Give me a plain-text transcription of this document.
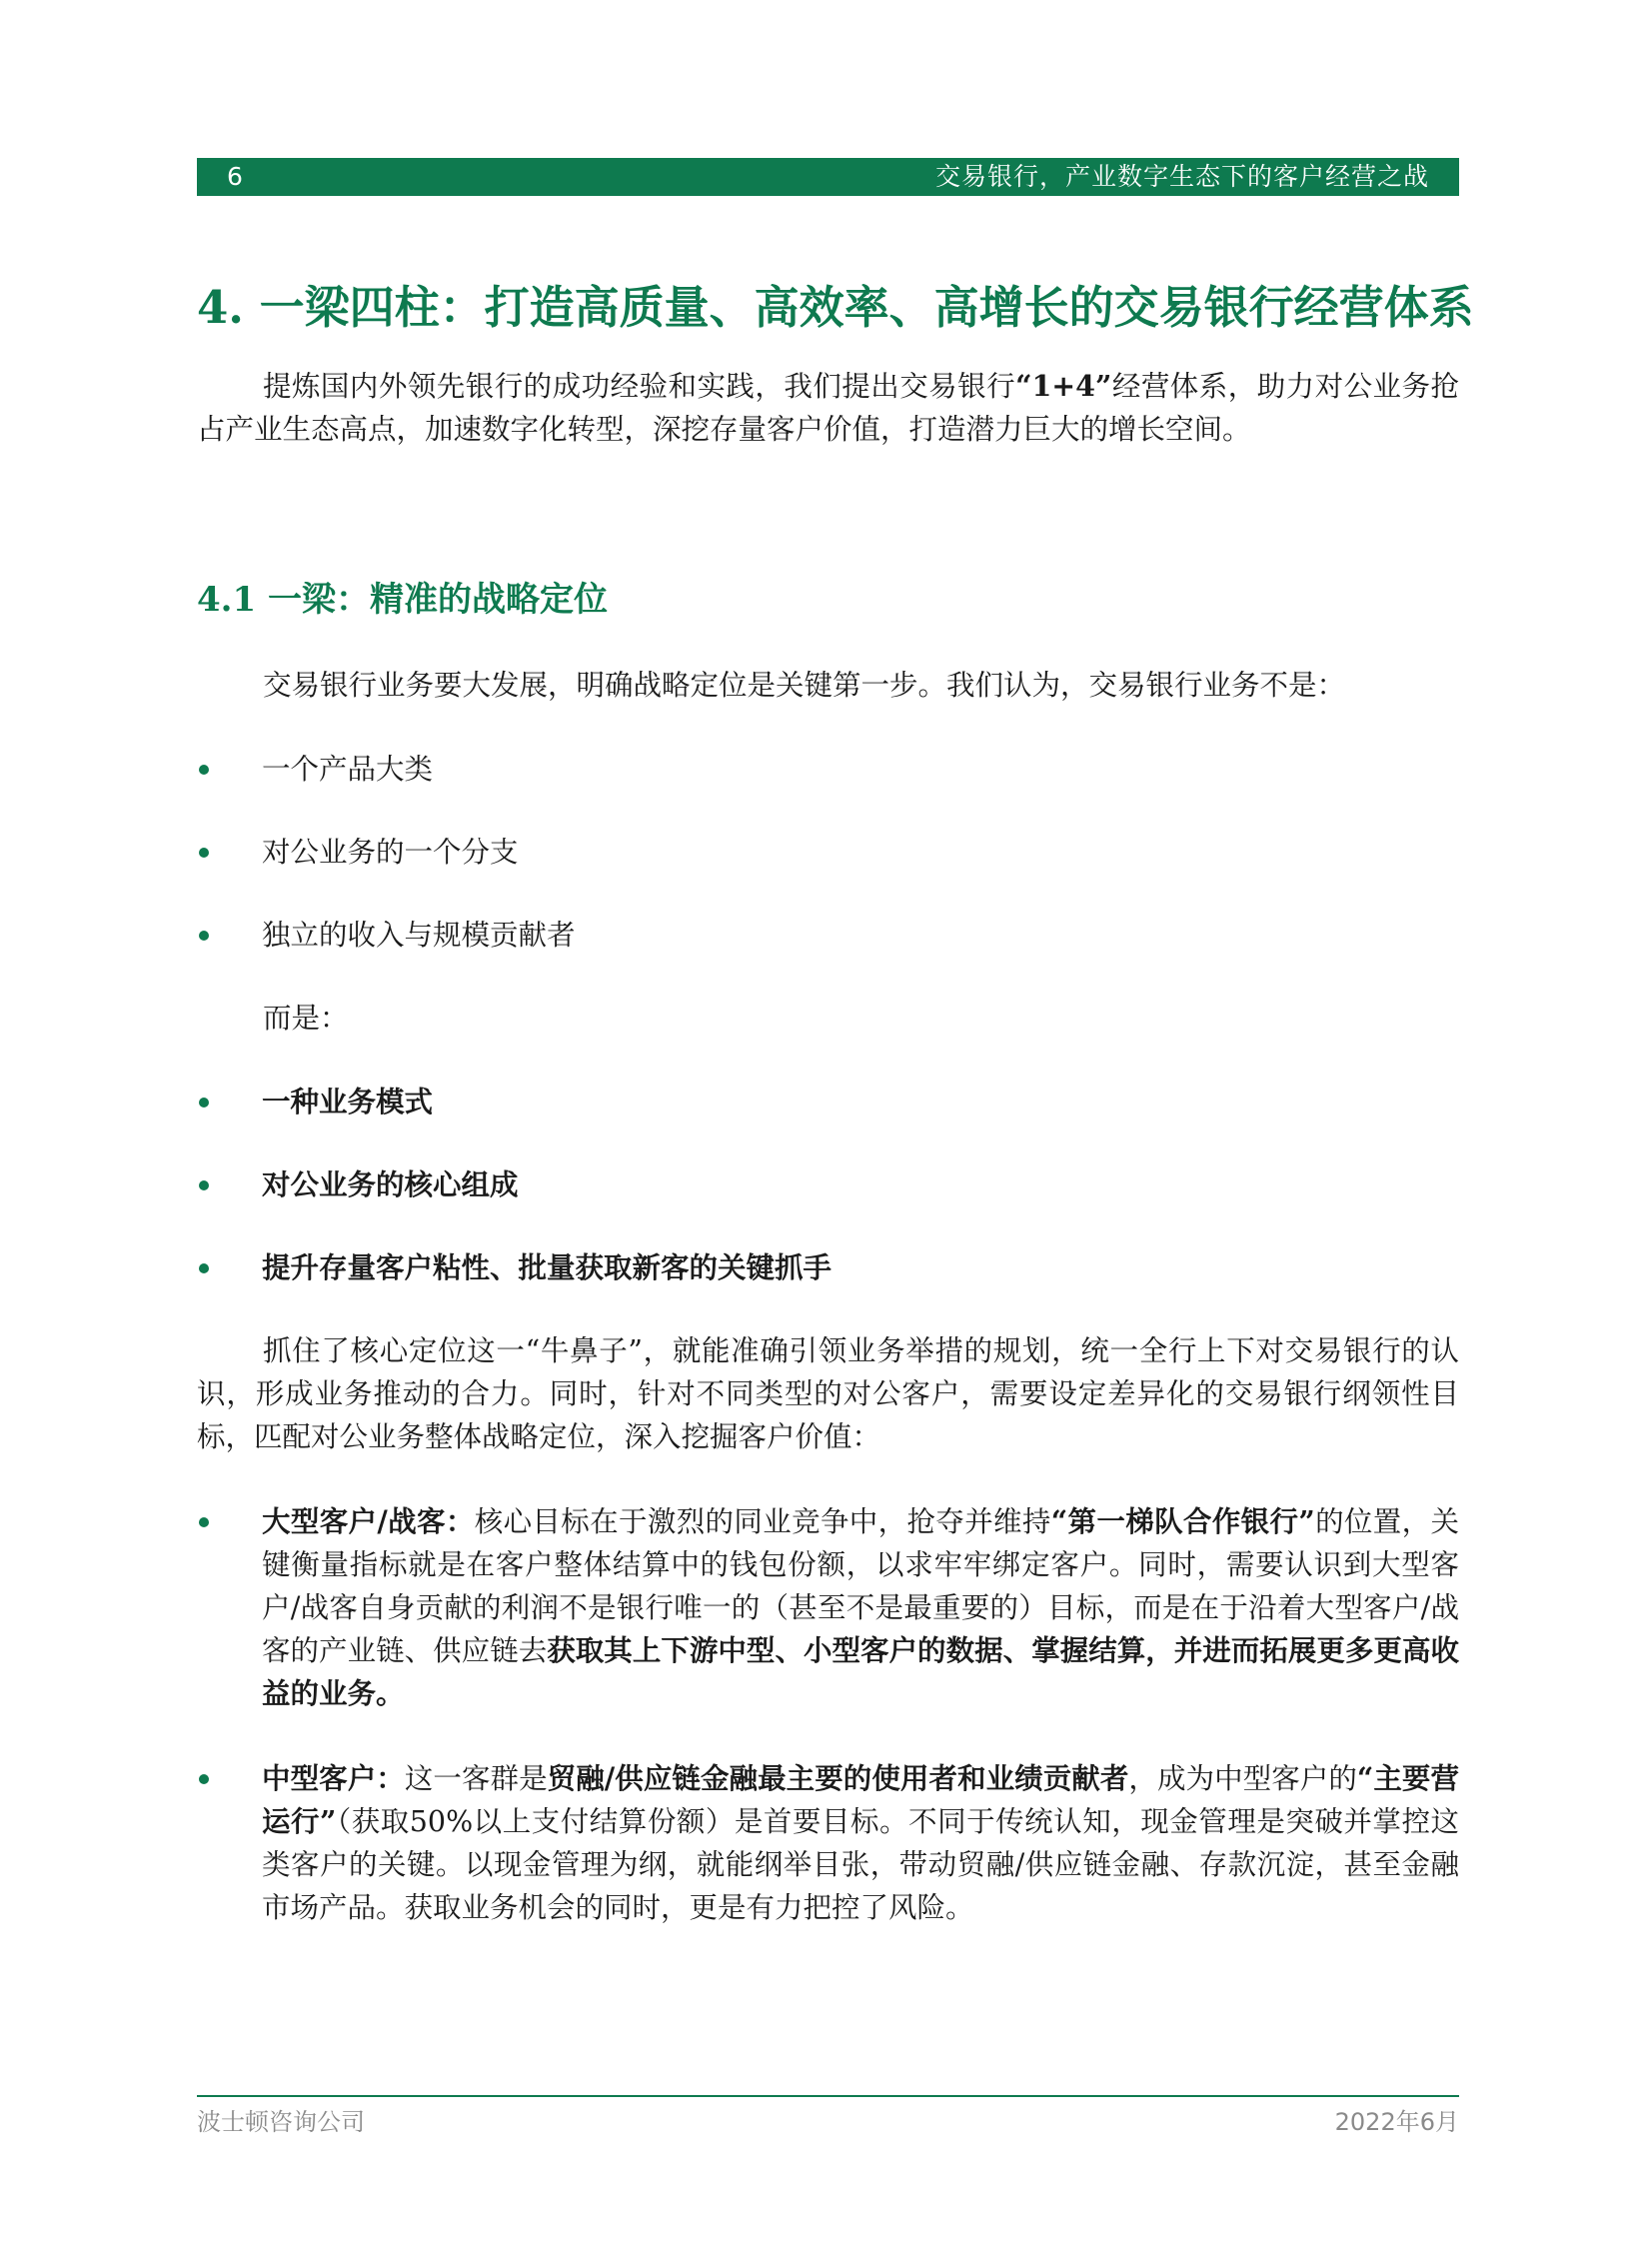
6	交易银行，产业数字生态下的客户经营之战
4. 一梁四柱：打造高质量、高效率、高增长的交易银行经营体系

提炼国内外领先银行的成功经验和实践，我们提出交易银行“1+4”经营体系，助力对公业务抢占产业生态高点，加速数字化转型，深挖存量客户价值，打造潜力巨大的增长空间。

4.1 一梁：精准的战略定位

交易银行业务要大发展，明确战略定位是关键第一步。我们认为，交易银行业务不是：

一个产品大类
对公业务的一个分支
独立的收入与规模贡献者

而是：

一种业务模式
对公业务的核心组成
提升存量客户粘性、批量获取新客的关键抓手

抓住了核心定位这一“牛鼻子”，就能准确引领业务举措的规划，统一全行上下对交易银行的认识，形成业务推动的合力。同时，针对不同类型的对公客户，需要设定差异化的交易银行纲领性目标，匹配对公业务整体战略定位，深入挖掘客户价值：

大型客户/战客：核心目标在于激烈的同业竞争中，抢夺并维持“第一梯队合作银行”的位置，关键衡量指标就是在客户整体结算中的钱包份额，以求牢牢绑定客户。同时，需要认识到大型客户/战客自身贡献的利润不是银行唯一的（甚至不是最重要的）目标，而是在于沿着大型客户/战客的产业链、供应链去获取其上下游中型、小型客户的数据、掌握结算，并进而拓展更多更高收益的业务。
中型客户：这一客群是贸融/供应链金融最主要的使用者和业绩贡献者，成为中型客户的“主要营运行”（获取50%以上支付结算份额）是首要目标。不同于传统认知，现金管理是突破并掌控这类客户的关键。以现金管理为纲，就能纲举目张，带动贸融/供应链金融、存款沉淀，甚至金融市场产品。获取业务机会的同时，更是有力把控了风险。
波士顿咨询公司	2022年6月
